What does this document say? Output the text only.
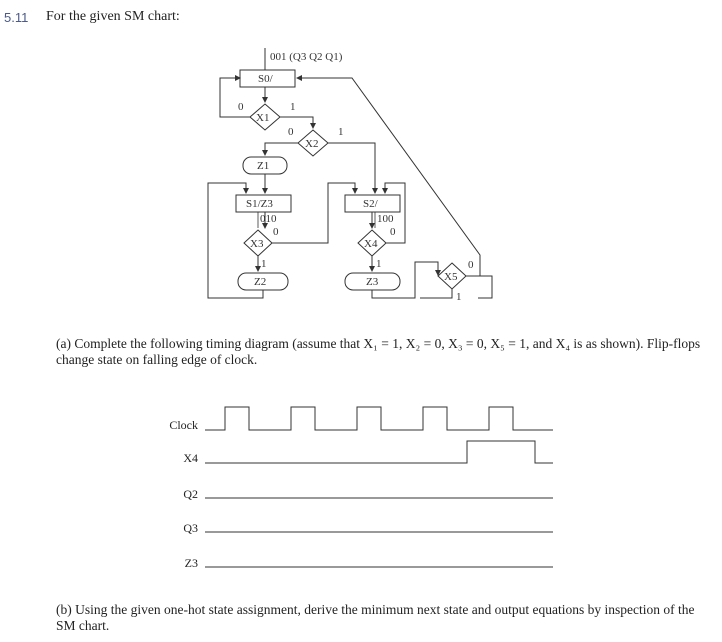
5.11 For the given SM chart:
001 (Q3 Q2 Q1)
S0/
X1
0	1
X2
0	1
Z1
S1/Z3
010
X3
0
1
Z2
S2/
100
X4
0
1
Z3	X5
0
1
(a) Complete the following timing diagram (assume that X₁ = 1, X₂ = 0, X₃ = 0, X₅ = 1, and X₄ is as shown). Flip-flops change state on falling edge of clock.
Clock
X4
Q2
Q3
Z3
(b) Using the given one-hot state assignment, derive the minimum next state and output equations by inspection of the SM chart.
